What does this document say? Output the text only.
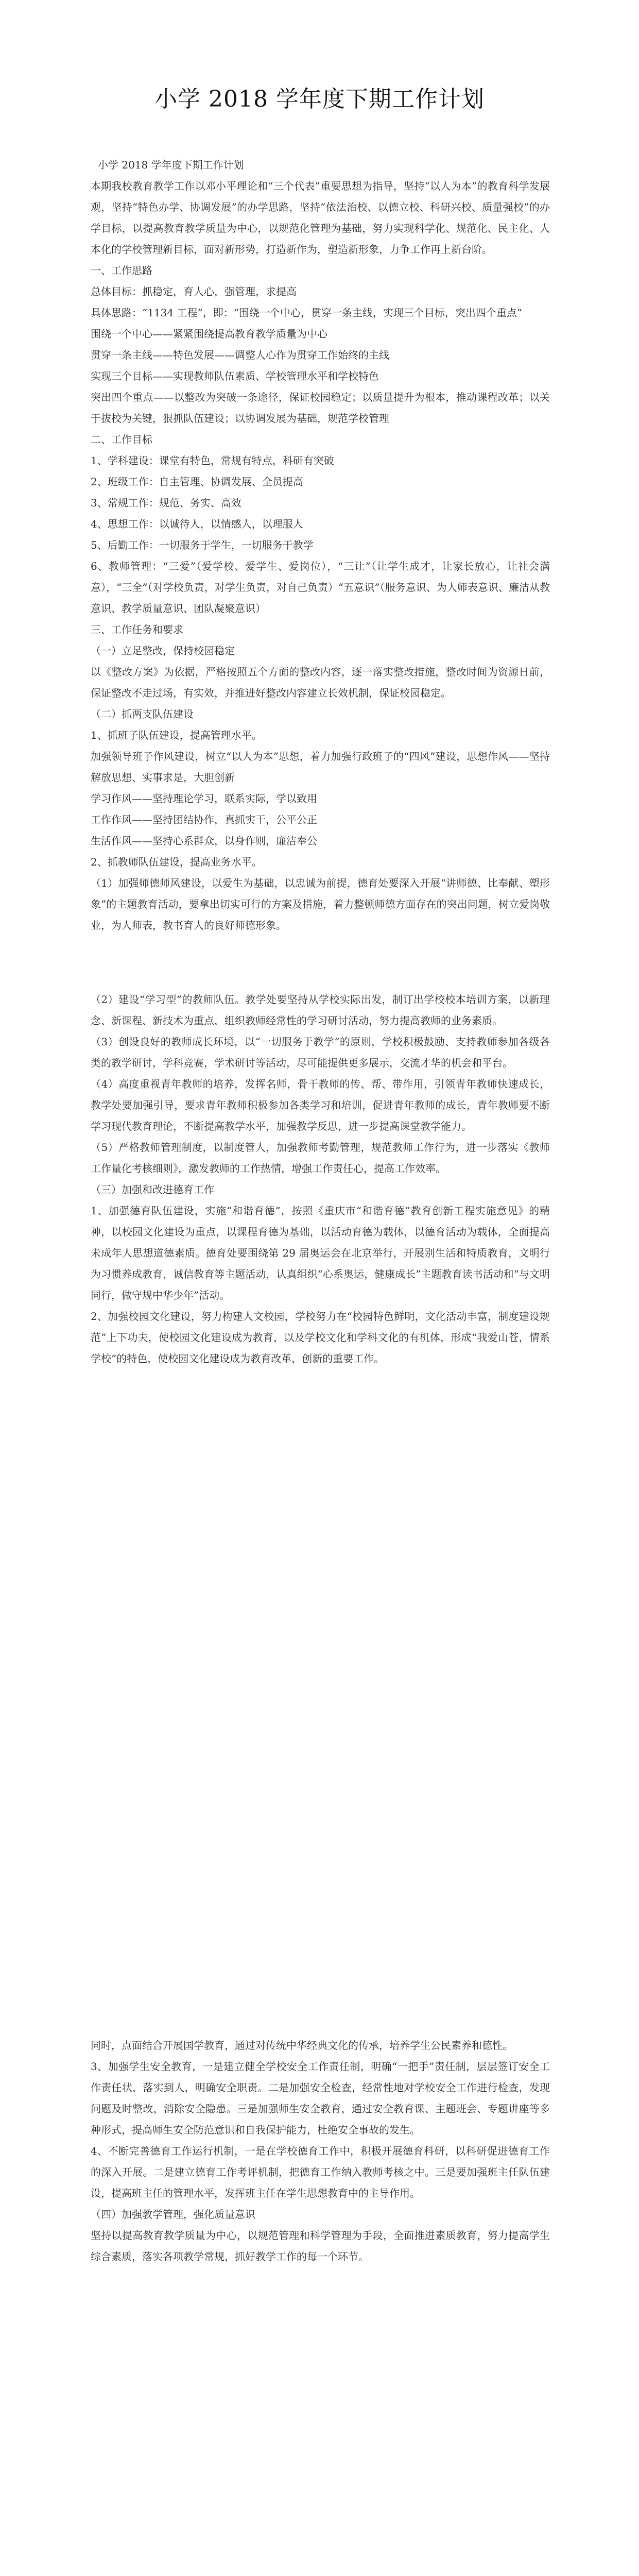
小学 2018 学年度下期工作计划

小学 2018 学年度下期工作计划

本期我校教育教学工作以邓小平理论和“三个代表”重要思想为指导，坚持“以人为本”的教育科学发展观，坚持“特色办学、协调发展”的办学思路，坚持“依法治校、以德立校、科研兴校、质量强校”的办学目标，以提高教育教学质量为中心，以规范化管理为基础，努力实现科学化、规范化、民主化、人本化的学校管理新目标，面对新形势，打造新作为，塑造新形象，力争工作再上新台阶。

一、工作思路

总体目标：抓稳定，育人心，强管理，求提高

具体思路：“1134 工程”，即：“围绕一个中心，贯穿一条主线，实现三个目标，突出四个重点”

围绕一个中心——紧紧围绕提高教育教学质量为中心

贯穿一条主线——特色发展——调整人心作为贯穿工作始终的主线

实现三个目标——实现教师队伍素质、学校管理水平和学校特色

突出四个重点——以整改为突破一条途径，保证校园稳定；以质量提升为根本，推动课程改革；以关于拔校为关键，狠抓队伍建设；以协调发展为基础，规范学校管理

二、工作目标

1、学科建设：课堂有特色，常规有特点，科研有突破

2、班级工作：自主管理、协调发展、全员提高

3、常规工作：规范、务实、高效

4、思想工作：以诚待人，以情感人，以理服人

5、后勤工作：一切服务于学生，一切服务于教学

6、教师管理：“三爱”（爱学校、爱学生、爱岗位），“三让”（让学生成才，让家长放心，让社会满意），“三全”（对学校负责，对学生负责，对自己负责）“五意识”（服务意识、为人师表意识、廉洁从教意识、教学质量意识、团队凝聚意识）

三、工作任务和要求

（一）立足整改，保持校园稳定

以《整改方案》为依据，严格按照五个方面的整改内容，逐一落实整改措施，整改时间为资源日前，保证整改不走过场，有实效，并推进好整改内容建立长效机制，保证校园稳定。

（二）抓两支队伍建设

1、抓班子队伍建设，提高管理水平。

加强领导班子作风建设，树立“以人为本”思想，着力加强行政班子的“四风”建设，思想作风——坚持解放思想、实事求是，大胆创新

学习作风——坚持理论学习，联系实际，学以致用

工作作风——坚持团结协作，真抓实干，公平公正

生活作风——坚持心系群众，以身作则，廉洁奉公

2、抓教师队伍建设，提高业务水平。

（1）加强师德师风建设，以爱生为基础，以忠诚为前提，德育处要深入开展“讲师德、比奉献、塑形象”的主题教育活动，要拿出切实可行的方案及措施，着力整顿师德方面存在的突出问题，树立爱岗敬业，为人师表，教书育人的良好师德形象。

（2）建设“学习型”的教师队伍。教学处要坚持从学校实际出发，制订出学校校本培训方案，以新理念、新课程、新技术为重点，组织教师经常性的学习研讨活动，努力提高教师的业务素质。

（3）创设良好的教师成长环境，以“一切服务于教学”的原则，学校积极鼓励、支持教师参加各级各类的教学研讨，学科竞赛，学术研讨等活动，尽可能提供更多展示，交流才华的机会和平台。

（4）高度重视青年教师的培养，发挥名师，骨干教师的传、帮、带作用，引领青年教师快速成长，教学处要加强引导，要求青年教师积极参加各类学习和培训，促进青年教师的成长，青年教师要不断学习现代教育理论，不断提高教学水平，加强教学反思，进一步提高课堂教学能力。

（5）严格教师管理制度，以制度管人，加强教师考勤管理，规范教师工作行为，进一步落实《教师工作量化考核细则》，激发教师的工作热情，增强工作责任心，提高工作效率。

（三）加强和改进德育工作

1、加强德育队伍建设，实施“和谐育德”，按照《重庆市“和谐育德”教育创新工程实施意见》的精神，以校园文化建设为重点，以课程育德为基础，以活动育德为载体，以德育活动为载体，全面提高未成年人思想道德素质。德育处要围绕第 29 届奥运会在北京举行，开展别生活和特质教育，文明行为习惯养成教育，诚信教育等主题活动，认真组织“心系奥运，健康成长”主题教育读书活动和“与文明同行，做守规中华少年”活动。

2、加强校园文化建设，努力构建人文校园，学校努力在“校园特色鲜明，文化活动丰富，制度建设规范”上下功夫，使校园文化建设成为教育，以及学校文化和学科文化的有机体，形成“我爱山苍，情系学校”的特色，使校园文化建设成为教育改革，创新的重要工作。

同时，点面结合开展国学教育，通过对传统中华经典文化的传承，培养学生公民素养和德性。

3、加强学生安全教育，一是建立健全学校安全工作责任制，明确“一把手”责任制，层层签订安全工作责任状，落实到人，明确安全职责。二是加强安全检查，经常性地对学校安全工作进行检查，发现问题及时整改，消除安全隐患。三是加强师生安全教育，通过安全教育课、主题班会、专题讲座等多种形式，提高师生安全防范意识和自我保护能力，杜绝安全事故的发生。

4、不断完善德育工作运行机制，一是在学校德育工作中，积极开展德育科研，以科研促进德育工作的深入开展。二是建立德育工作考评机制，把德育工作纳入教师考核之中。三是要加强班主任队伍建设，提高班主任的管理水平，发挥班主任在学生思想教育中的主导作用。

（四）加强教学管理，强化质量意识

坚持以提高教育教学质量为中心，以规范管理和科学管理为手段，全面推进素质教育，努力提高学生综合素质，落实各项教学常规，抓好教学工作的每一个环节。
